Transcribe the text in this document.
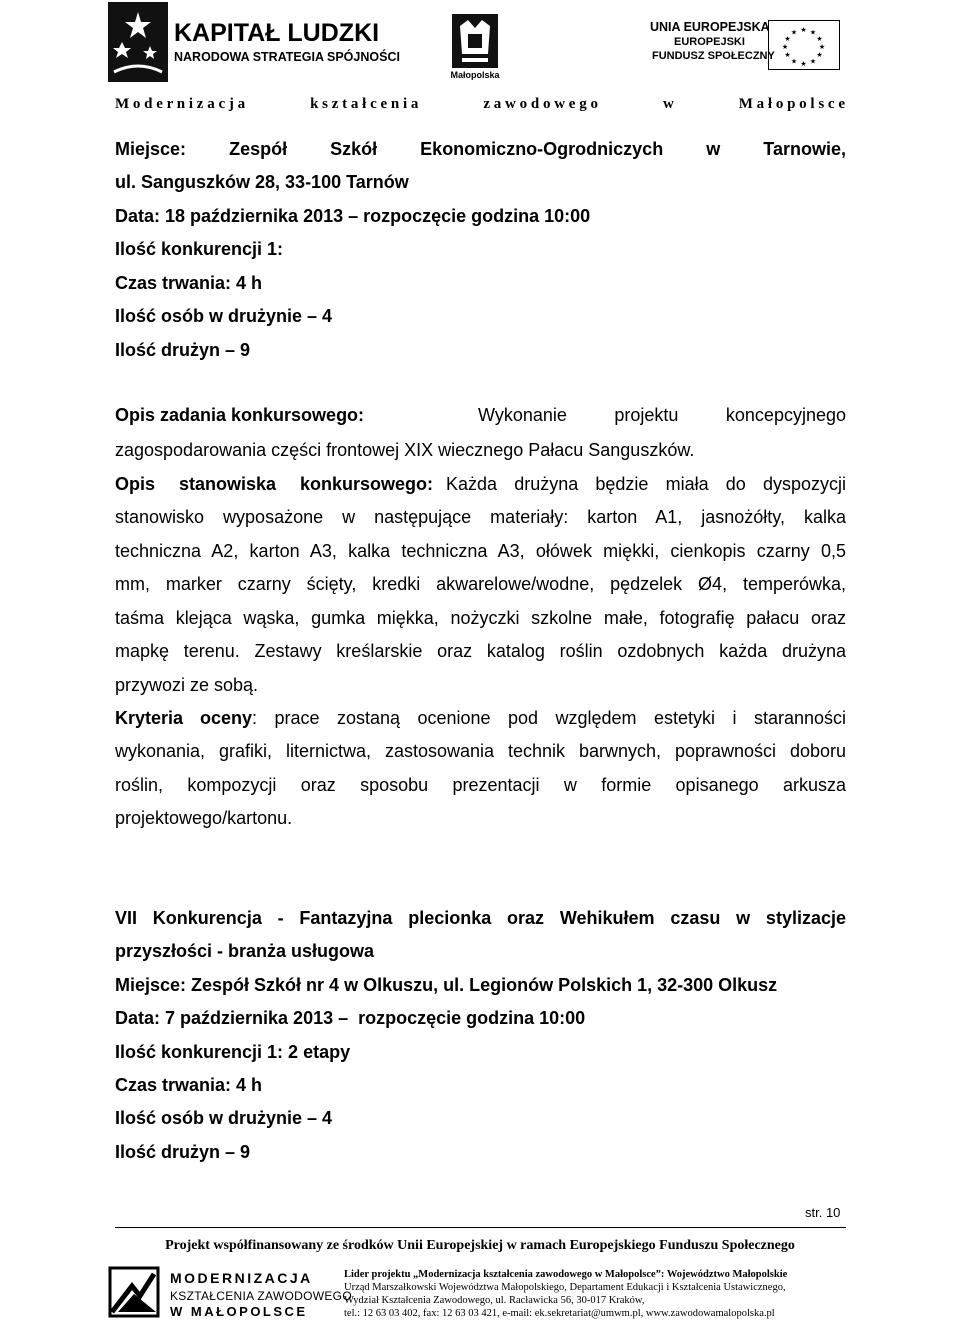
KAPITAŁ LUDZKI
NARODOWA STRATEGIA SPÓJNOŚCI
Małopolska
UNIA EUROPEJSKA
EUROPEJSKI
FUNDUSZ SPOŁECZNY
★ ★
★
★
★
★
★
★
★
★
★
★
M o d e r n i z a c j a	k s z t a ł c e n i a	z a w o d o w e g o	w	M a ł o p o l s c e
Miejsce: Zespół Szkół Ekonomiczno-Ogrodniczych w Tarnowie,
ul. Sanguszków 28, 33-100 Tarnów
Data: 18 października 2013 – rozpoczęcie godzina 10:00
Ilość konkurencji 1:
Czas trwania: 4 h
Ilość osób w drużynie – 4
Ilość drużyn – 9
Opis zadania konkursowego:	Wykonanie projektu koncepcyjnego
zagospodarowania części frontowej XIX wiecznego Pałacu Sanguszków.
Opis stanowiska konkursowego: Każda drużyna będzie miała do dyspozycji
stanowisko wyposażone w następujące materiały: karton A1, jasnożółty, kalka
techniczna A2, karton A3, kalka techniczna A3, ołówek miękki, cienkopis czarny 0,5
mm, marker czarny ścięty, kredki akwarelowe/wodne, pędzelek Ø4, temperówka,
taśma klejąca wąska, gumka miękka, nożyczki szkolne małe, fotografię pałacu oraz
mapkę terenu. Zestawy kreślarskie oraz katalog roślin ozdobnych każda drużyna
przywozi ze sobą.
Kryteria oceny : prace zostaną ocenione pod względem estetyki i staranności
wykonania, grafiki, liternictwa, zastosowania technik barwnych, poprawności doboru
roślin, kompozycji oraz sposobu prezentacji w formie opisanego arkusza
projektowego/kartonu.
VII Konkurencja - Fantazyjna plecionka oraz Wehikułem czasu w stylizacje
przyszłości - branża usługowa
Miejsce: Zespół Szkół nr 4 w Olkuszu, ul. Legionów Polskich 1, 32-300 Olkusz
Data: 7 października 2013 –  rozpoczęcie godzina 10:00
Ilość konkurencji 1: 2 etapy
Czas trwania: 4 h
Ilość osób w drużynie – 4
Ilość drużyn – 9
str. 10
Projekt współfinansowany ze środków Unii Europejskiej w ramach Europejskiego Funduszu Społecznego
MODERNIZACJA
KSZTAŁCENIA ZAWODOWEGO
W MAŁOPOLSCE
Lider projektu „Modernizacja kształcenia zawodowego w Małopolsce”: Województwo Małopolskie
Urząd Marszałkowski Województwa Małopolskiego, Departament Edukacji i Kształcenia Ustawicznego,
Wydział Kształcenia Zawodowego, ul. Racławicka 56, 30-017 Kraków,
tel.: 12 63 03 402, fax: 12 63 03 421, e-mail: ek.sekretariat@umwm.pl, www.zawodowamalopolska.pl
